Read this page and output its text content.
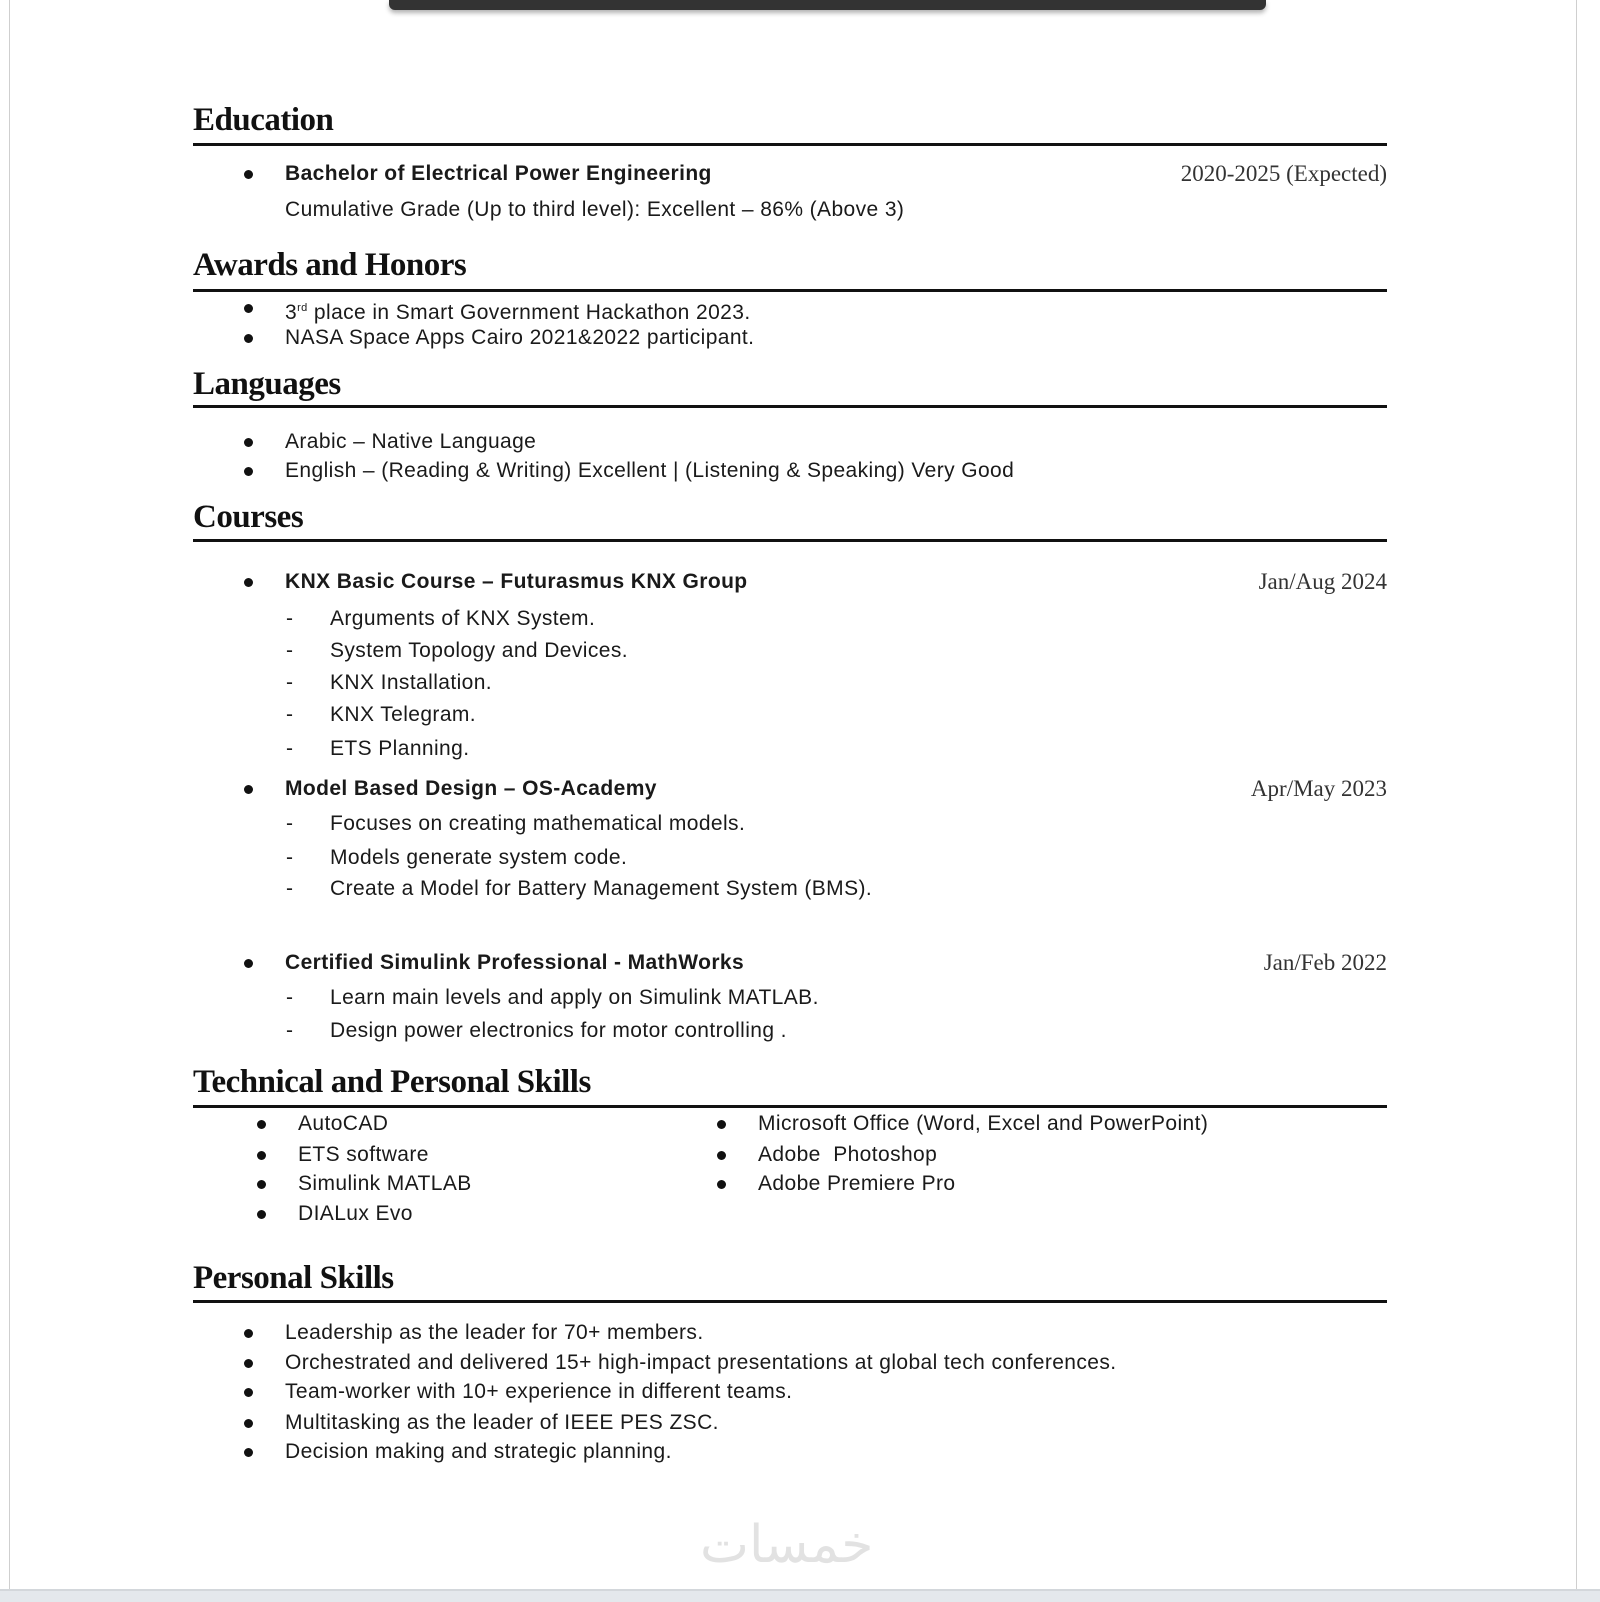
Education
Bachelor of Electrical Power Engineering	2020-2025 (Expected)
Cumulative Grade (Up to third level): Excellent – 86% (Above 3)
Awards and Honors
3rd place in Smart Government Hackathon 2023.
NASA Space Apps Cairo 2021&2022 participant.
Languages
Arabic – Native Language
English – (Reading & Writing) Excellent | (Listening & Speaking) Very Good
Courses
KNX Basic Course – Futurasmus KNX Group	Jan/Aug 2024
- Arguments of KNX System.
- System Topology and Devices.
- KNX Installation.
- KNX Telegram.
- ETS Planning.
Model Based Design – OS-Academy	Apr/May 2023
- Focuses on creating mathematical models.
- Models generate system code.
- Create a Model for Battery Management System (BMS).
Certified Simulink Professional - MathWorks	Jan/Feb 2022
- Learn main levels and apply on Simulink MATLAB.
- Design power electronics for motor controlling .
Technical and Personal Skills
AutoCAD
ETS software
Simulink MATLAB
DIALux Evo
Microsoft Office (Word, Excel and PowerPoint)
Adobe  Photoshop
Adobe Premiere Pro
Personal Skills
Leadership as the leader for 70+ members.
Orchestrated and delivered 15+ high-impact presentations at global tech conferences.
Team-worker with 10+ experience in different teams.
Multitasking as the leader of IEEE PES ZSC.
Decision making and strategic planning.
خمسات
